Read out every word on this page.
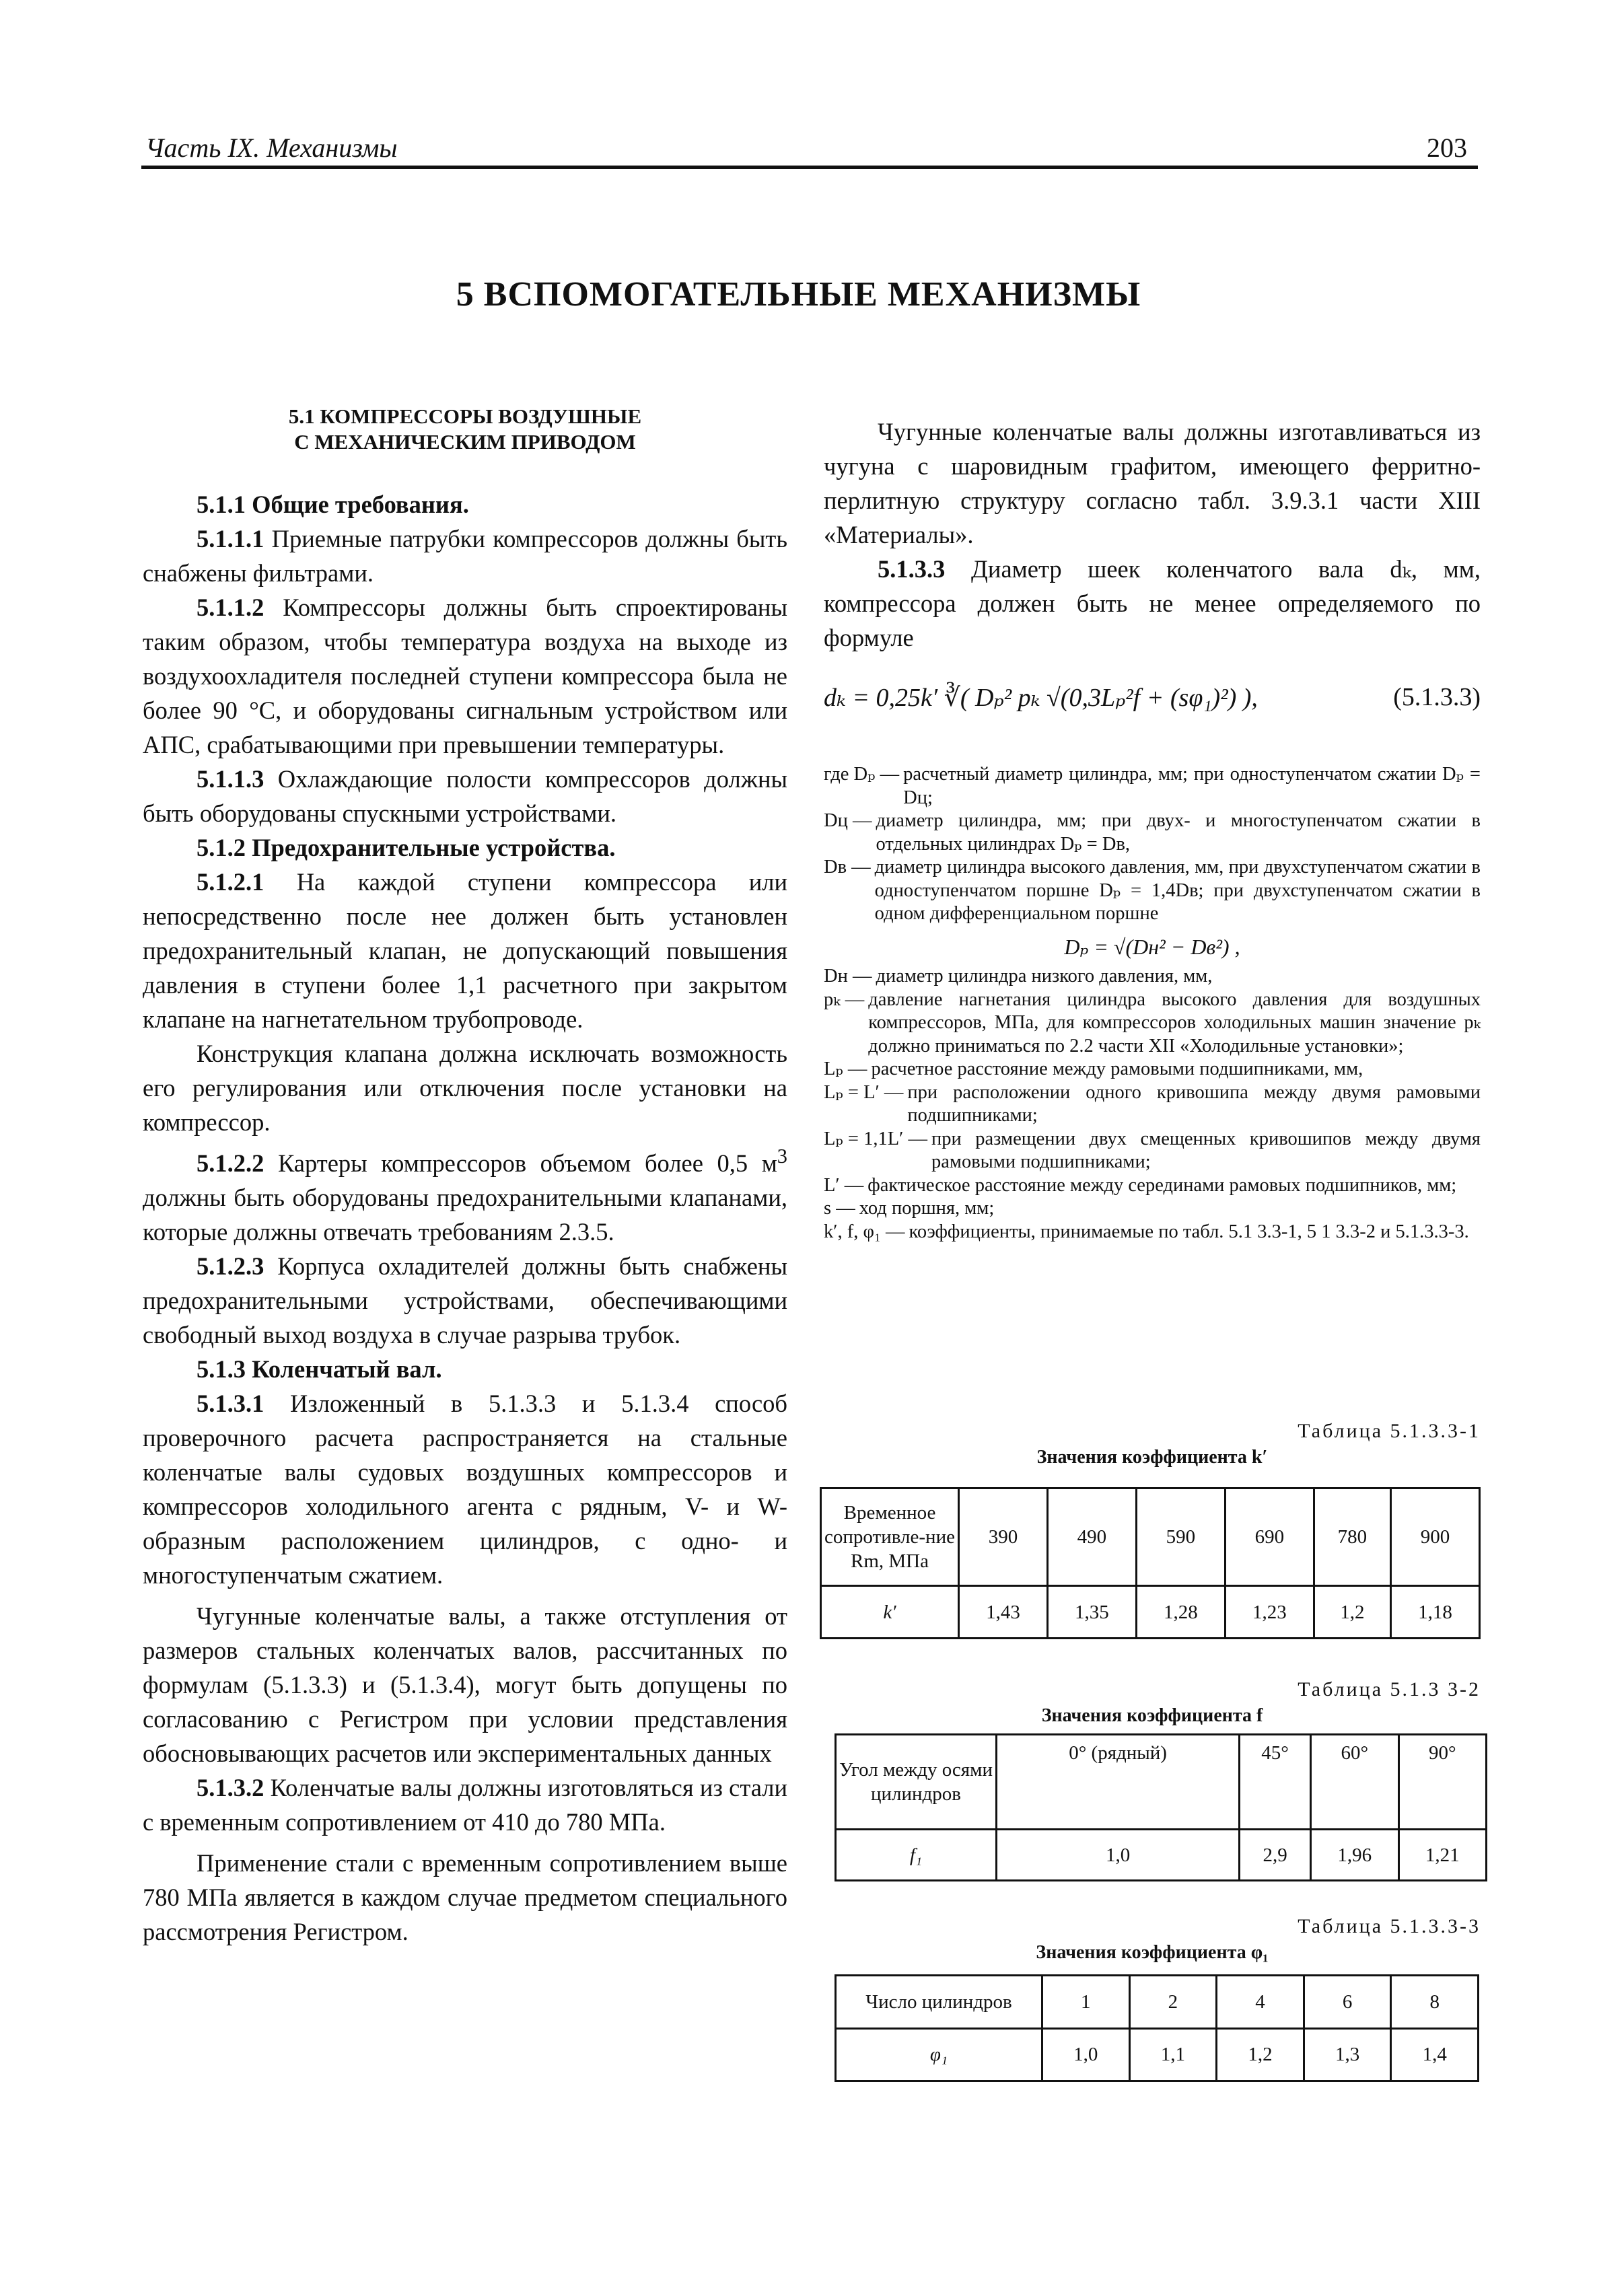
Часть IX. Механизмы	203
5 ВСПОМОГАТЕЛЬНЫЕ МЕХАНИЗМЫ

5.1 КОМПРЕССОРЫ ВОЗДУШНЫЕ
С МЕХАНИЧЕСКИМ ПРИВОДОМ

5.1.1 Общие требования.

5.1.1.1 Приемные патрубки компрессоров должны быть снабжены фильтрами.

5.1.1.2 Компрессоры должны быть спроектированы таким образом, чтобы температура воздуха на выходе из воздухоохладителя последней ступени компрессора была не более 90 °С, и оборудованы сигнальным устройством или АПС, срабатывающими при превышении температуры.

5.1.1.3 Охлаждающие полости компрессоров должны быть оборудованы спускными устройствами.

5.1.2 Предохранительные устройства.

5.1.2.1 На каждой ступени компрессора или непосредственно после нее должен быть установлен предохранительный клапан, не допускающий повышения давления в ступени более 1,1 расчетного при закрытом клапане на нагнетательном трубопроводе.

Конструкция клапана должна исключать возможность его регулирования или отключения после установки на компрессор.

5.1.2.2 Картеры компрессоров объемом более 0,5 $м^3$ должны быть оборудованы предохранительными клапанами, которые должны отвечать требованиям 2.3.5.

5.1.2.3 Корпуса охладителей должны быть снабжены предохранительными устройствами, обеспечивающими свободный выход воздуха в случае разрыва трубок.

5.1.3 Коленчатый вал.

5.1.3.1 Изложенный в 5.1.3.3 и 5.1.3.4 способ проверочного расчета распространяется на стальные коленчатые валы судовых воздушных компрессоров и компрессоров холодильного агента с рядным, V- и W-образным расположением цилиндров, с одно- и многоступенчатым сжатием.

Чугунные коленчатые валы, а также отступления от размеров стальных коленчатых валов, рассчитанных по формулам (5.1.3.3) и (5.1.3.4), могут быть допущены по согласованию с Регистром при условии представления обосновывающих расчетов или экспериментальных данных

5.1.3.2 Коленчатые валы должны изготовляться из стали с временным сопротивлением от 410 до 780 МПа.

Применение стали с временным сопротивлением выше 780 МПа является в каждом случае предметом специального рассмотрения Регистром.

Чугунные коленчатые валы должны изготавливаться из чугуна с шаровидным графитом, имеющего ферритно-перлитную структуру согласно табл. 3.9.3.1 части XIII «Материалы».

5.1.3.3 Диаметр шеек коленчатого вала dₖ, мм, компрессора должен быть не менее определяемого по формуле

dₖ = 0,25k′ ∛( Dₚ² pₖ √(0,3Lₚ²f + (sφ₁)²) ),	(5.1.3.3)
где Dₚ — расчетный диаметр цилиндра, мм; при одноступенчатом сжатии Dₚ = Dц;
Dц — диаметр цилиндра, мм; при двух- и многоступенчатом сжатии в отдельных цилиндрах Dₚ = Dв,
Dв — диаметр цилиндра высокого давления, мм, при двухступенчатом сжатии в одноступенчатом поршне Dₚ = 1,4Dв; при двухступенчатом сжатии в одном дифференциальном поршне
Dₚ = √(Dн² − Dв²) ,
Dн — диаметр цилиндра низкого давления, мм,
pₖ — давление нагнетания цилиндра высокого давления для воздушных компрессоров, МПа, для компрессоров холодильных машин значение pₖ должно приниматься по 2.2 части XII «Холодильные установки»;
Lₚ — расчетное расстояние между рамовыми подшипниками, мм,
Lₚ = L′ — при расположении одного кривошипа между двумя рамовыми подшипниками;
Lₚ = 1,1L′ — при размещении двух смещенных кривошипов между двумя рамовыми подшипниками;
L′ — фактическое расстояние между серединами рамовых подшипников, мм;
s — ход поршня, мм;
k′, f, φ₁ — коэффициенты, принимаемые по табл. 5.1 3.3-1, 5 1 3.3-2 и 5.1.3.3-3.
Таблица 5.1.3.3-1
Значения коэффициента k′
Временное сопротивле-ние Rm, МПа	390	490	590	690	780	900
k′	1,43	1,35	1,28	1,23	1,2	1,18
Таблица 5.1.3 3-2
Значения коэффициента f
Угол между осями цилиндров	0° (рядный)	45°	60°	90°
f₁	1,0	2,9	1,96	1,21
Таблица 5.1.3.3-3
Значения коэффициента φ₁
Число цилиндров	1	2	4	6	8
φ₁	1,0	1,1	1,2	1,3	1,4
